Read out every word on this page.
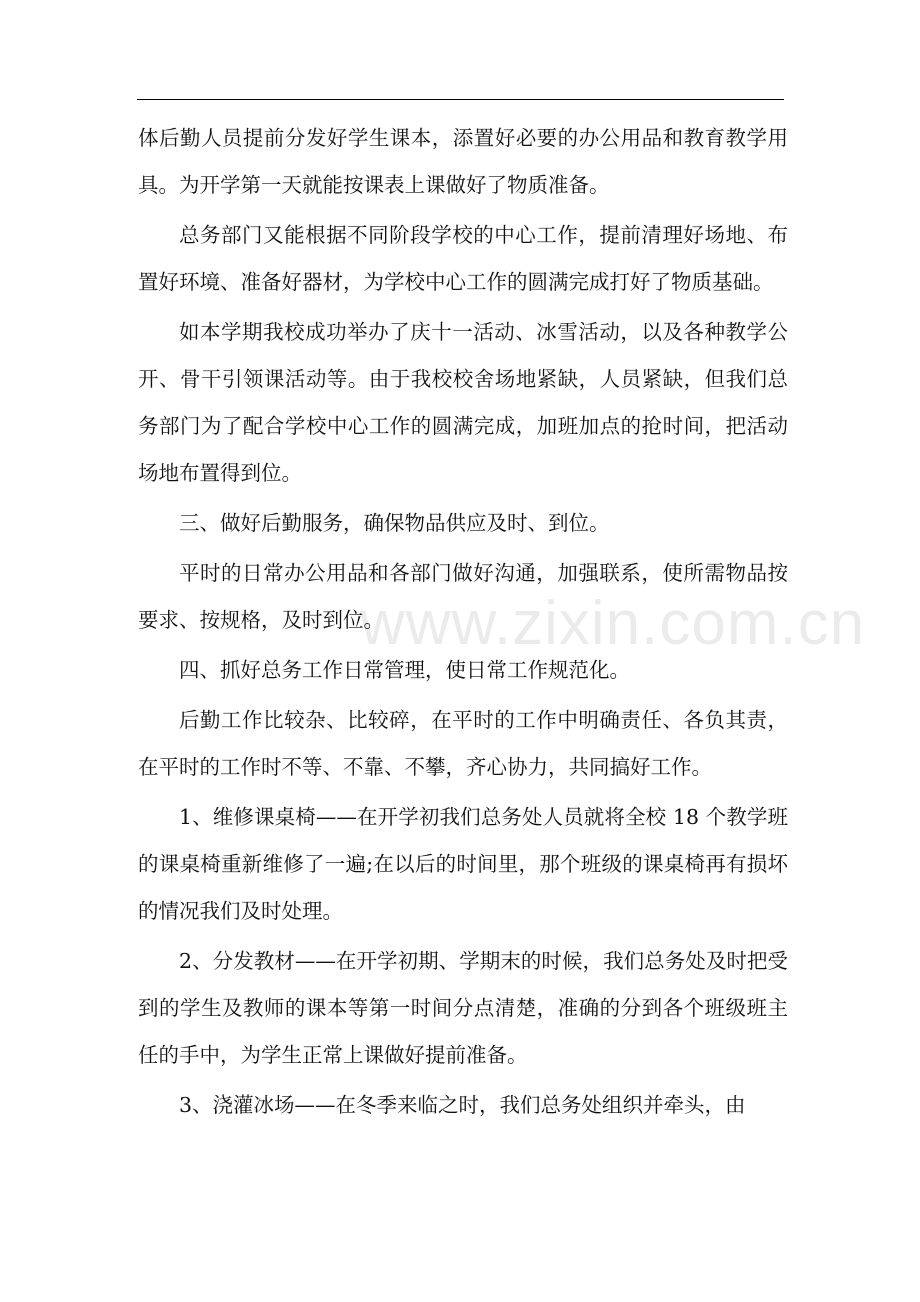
体后勤人员提前分发好学生课本，添置好必要的办公用品和教育教学用具。为开学第一天就能按课表上课做好了物质准备。

总务部门又能根据不同阶段学校的中心工作，提前清理好场地、布置好环境、准备好器材，为学校中心工作的圆满完成打好了物质基础。

如本学期我校成功举办了庆十一活动、冰雪活动，以及各种教学公开、骨干引领课活动等。由于我校校舍场地紧缺，人员紧缺，但我们总务部门为了配合学校中心工作的圆满完成，加班加点的抢时间，把活动场地布置得到位。

三、做好后勤服务，确保物品供应及时、到位。

平时的日常办公用品和各部门做好沟通，加强联系，使所需物品按要求、按规格，及时到位。

四、抓好总务工作日常管理，使日常工作规范化。

后勤工作比较杂、比较碎，在平时的工作中明确责任、各负其责，在平时的工作时不等、不靠、不攀，齐心协力，共同搞好工作。

1、维修课桌椅——在开学初我们总务处人员就将全校 18 个教学班的课桌椅重新维修了一遍;在以后的时间里，那个班级的课桌椅再有损坏的情况我们及时处理。

2、分发教材——在开学初期、学期末的时候，我们总务处及时把受到的学生及教师的课本等第一时间分点清楚，准确的分到各个班级班主任的手中，为学生正常上课做好提前准备。

3、浇灌冰场——在冬季来临之时，我们总务处组织并牵头，由

www.zixin.com.cn
